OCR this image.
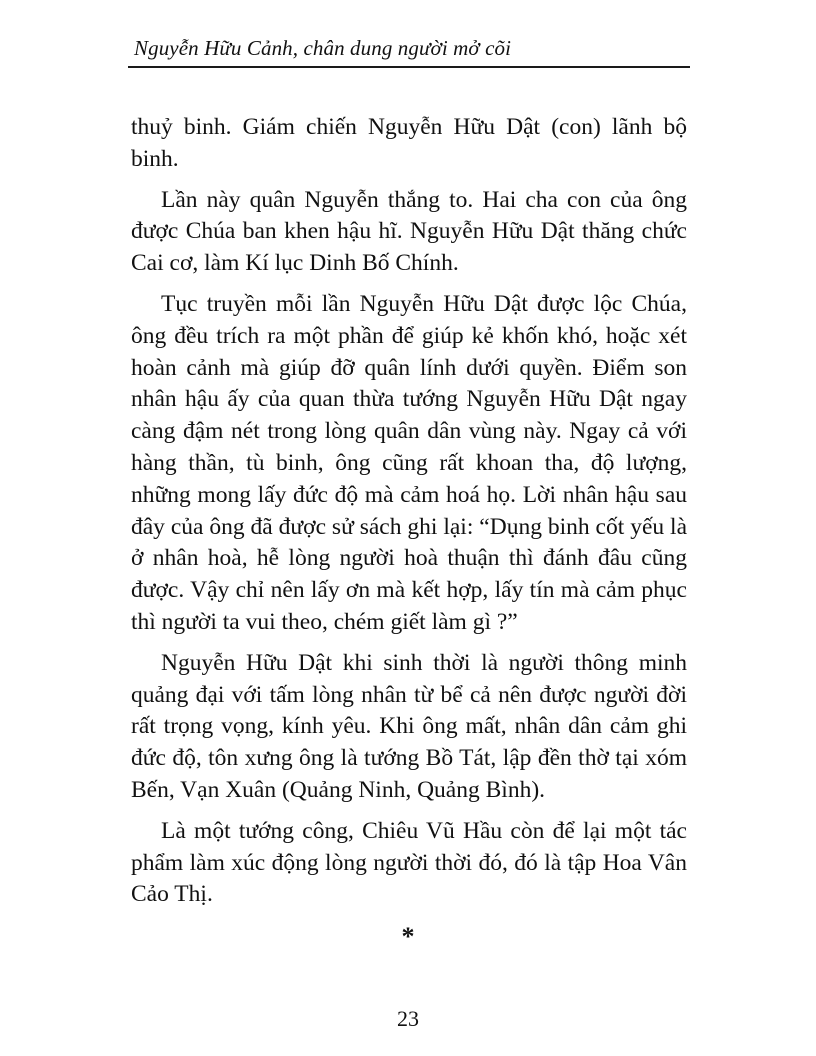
Nguyễn Hữu Cảnh, chân dung người mở cõi

thuỷ binh. Giám chiến Nguyễn Hữu Dật (con) lãnh bộ binh.

Lần này quân Nguyễn thắng to. Hai cha con của ông được Chúa ban khen hậu hĩ. Nguyễn Hữu Dật thăng chức Cai cơ, làm Kí lục Dinh Bố Chính.

Tục truyền mỗi lần Nguyễn Hữu Dật được lộc Chúa, ông đều trích ra một phần để giúp kẻ khốn khó, hoặc xét hoàn cảnh mà giúp đỡ quân lính dưới quyền. Điểm son nhân hậu ấy của quan thừa tướng Nguyễn Hữu Dật ngay càng đậm nét trong lòng quân dân vùng này. Ngay cả với hàng thần, tù binh, ông cũng rất khoan tha, độ lượng, những mong lấy đức độ mà cảm hoá họ. Lời nhân hậu sau đây của ông đã được sử sách ghi lại: “Dụng binh cốt yếu là ở nhân hoà, hễ lòng người hoà thuận thì đánh đâu cũng được. Vậy chỉ nên lấy ơn mà kết hợp, lấy tín mà cảm phục thì người ta vui theo, chém giết làm gì ?”

Nguyễn Hữu Dật khi sinh thời là người thông minh quảng đại với tấm lòng nhân từ bể cả nên được người đời rất trọng vọng, kính yêu. Khi ông mất, nhân dân cảm ghi đức độ, tôn xưng ông là tướng Bồ Tát, lập đền thờ tại xóm Bến, Vạn Xuân (Quảng Ninh, Quảng Bình).

Là một tướng công, Chiêu Vũ Hầu còn để lại một tác phẩm làm xúc động lòng người thời đó, đó là tập Hoa Vân Cảo Thị.

*
23
